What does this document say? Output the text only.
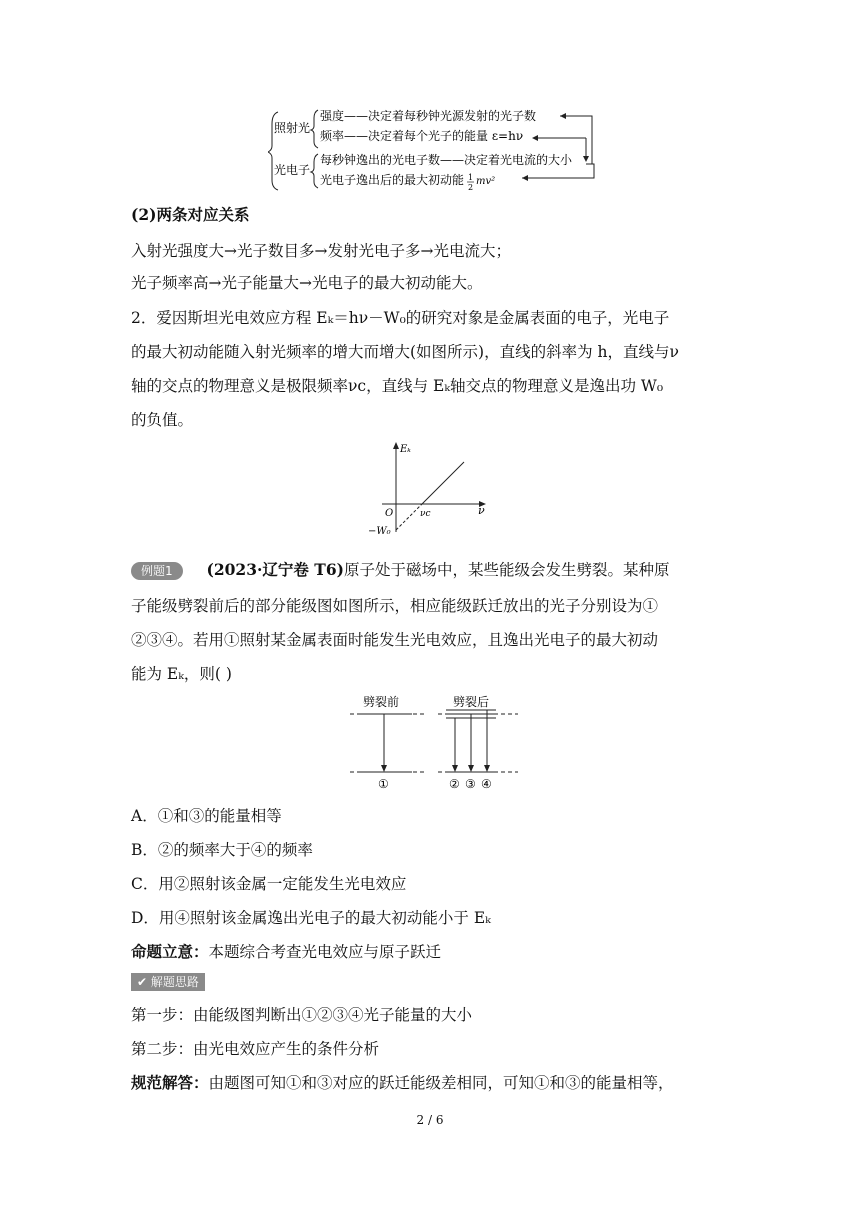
照射光
光电子
强度——决定着每秒钟光源发射的光子数
频率——决定着每个光子的能量 ε=hν
每秒钟逸出的光电子数——决定着光电流的大小
光电子逸出后的最大初动能 1
2
mv²
(2)两条对应关系
入射光强度大→光子数目多→发射光电子多→光电流大；
光子频率高→光子能量大→光电子的最大初动能大。
2．爱因斯坦光电效应方程 Eₖ＝hν－W₀的研究对象是金属表面的电子，光电子
的最大初动能随入射光频率的增大而增大(如图所示)，直线的斜率为 h，直线与ν
轴的交点的物理意义是极限频率νc，直线与 Eₖ轴交点的物理意义是逸出功 W₀
的负值。
Eₖ
ν
O	νc
−W₀
例题1 (2023·辽宁卷 T6)原子处于磁场中，某些能级会发生劈裂。某种原
子能级劈裂前后的部分能级图如图所示，相应能级跃迁放出的光子分别设为①
②③④。若用①照射某金属表面时能发生光电效应，且逸出光电子的最大初动
能为 Eₖ，则( )
劈裂前	劈裂后
①	② ③ ④
A．①和③的能量相等
B．②的频率大于④的频率
C．用②照射该金属一定能发生光电效应
D．用④照射该金属逸出光电子的最大初动能小于 Eₖ
命题立意：本题综合考查光电效应与原子跃迁
✔ 解题思路
第一步：由能级图判断出①②③④光子能量的大小
第二步：由光电效应产生的条件分析
规范解答：由题图可知①和③对应的跃迁能级差相同，可知①和③的能量相等，
2 / 6
